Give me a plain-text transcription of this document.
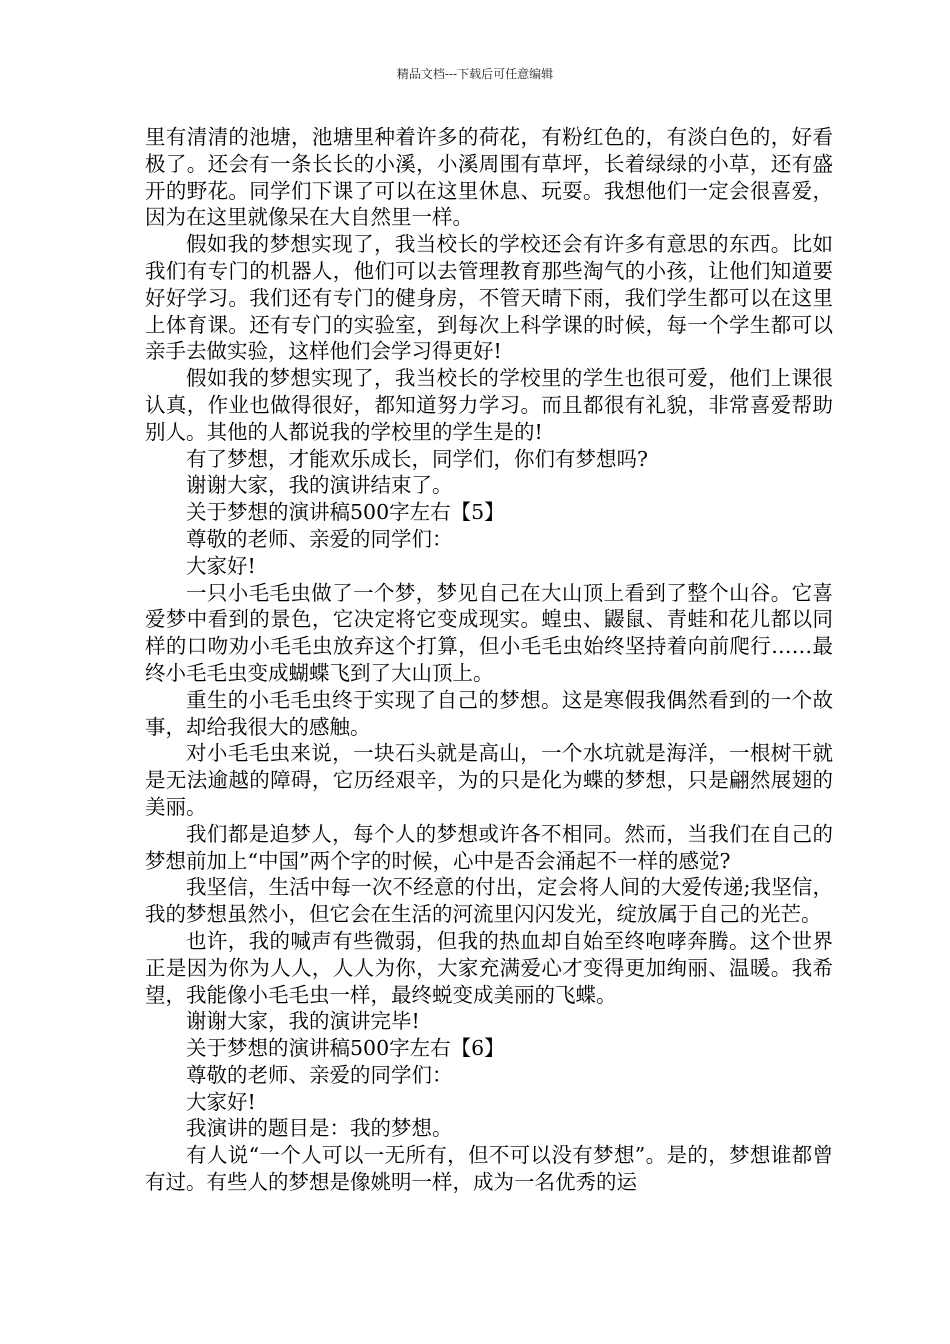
精品文档---下载后可任意编辑

里有清清的池塘，池塘里种着许多的荷花，有粉红色的，有淡白色的，好看极了。还会有一条长长的小溪，小溪周围有草坪，长着绿绿的小草，还有盛开的野花。同学们下课了可以在这里休息、玩耍。我想他们一定会很喜爱，因为在这里就像呆在大自然里一样。

假如我的梦想实现了，我当校长的学校还会有许多有意思的东西。比如我们有专门的机器人，他们可以去管理教育那些淘气的小孩，让他们知道要好好学习。我们还有专门的健身房，不管天晴下雨，我们学生都可以在这里上体育课。还有专门的实验室，到每次上科学课的时候，每一个学生都可以亲手去做实验，这样他们会学习得更好!

假如我的梦想实现了，我当校长的学校里的学生也很可爱，他们上课很认真，作业也做得很好，都知道努力学习。而且都很有礼貌，非常喜爱帮助别人。其他的人都说我的学校里的学生是的!

有了梦想，才能欢乐成长，同学们，你们有梦想吗?

谢谢大家，我的演讲结束了。

关于梦想的演讲稿500字左右【5】

尊敬的老师、亲爱的同学们：

大家好!

一只小毛毛虫做了一个梦，梦见自己在大山顶上看到了整个山谷。它喜爱梦中看到的景色，它决定将它变成现实。蝗虫、鼹鼠、青蛙和花儿都以同样的口吻劝小毛毛虫放弃这个打算，但小毛毛虫始终坚持着向前爬行……最终小毛毛虫变成蝴蝶飞到了大山顶上。

重生的小毛毛虫终于实现了自己的梦想。这是寒假我偶然看到的一个故事，却给我很大的感触。

对小毛毛虫来说，一块石头就是高山，一个水坑就是海洋，一根树干就是无法逾越的障碍，它历经艰辛，为的只是化为蝶的梦想，只是翩然展翅的美丽。

我们都是追梦人，每个人的梦想或许各不相同。然而，当我们在自己的梦想前加上“中国”两个字的时候，心中是否会涌起不一样的感觉?

我坚信，生活中每一次不经意的付出，定会将人间的大爱传递;我坚信，我的梦想虽然小，但它会在生活的河流里闪闪发光，绽放属于自己的光芒。

也许，我的喊声有些微弱，但我的热血却自始至终咆哮奔腾。这个世界正是因为你为人人，人人为你，大家充满爱心才变得更加绚丽、温暖。我希望，我能像小毛毛虫一样，最终蜕变成美丽的飞蝶。

谢谢大家，我的演讲完毕!

关于梦想的演讲稿500字左右【6】

尊敬的老师、亲爱的同学们：

大家好!

我演讲的题目是：我的梦想。

有人说“一个人可以一无所有，但不可以没有梦想”。是的，梦想谁都曾有过。有些人的梦想是像姚明一样，成为一名优秀的运
